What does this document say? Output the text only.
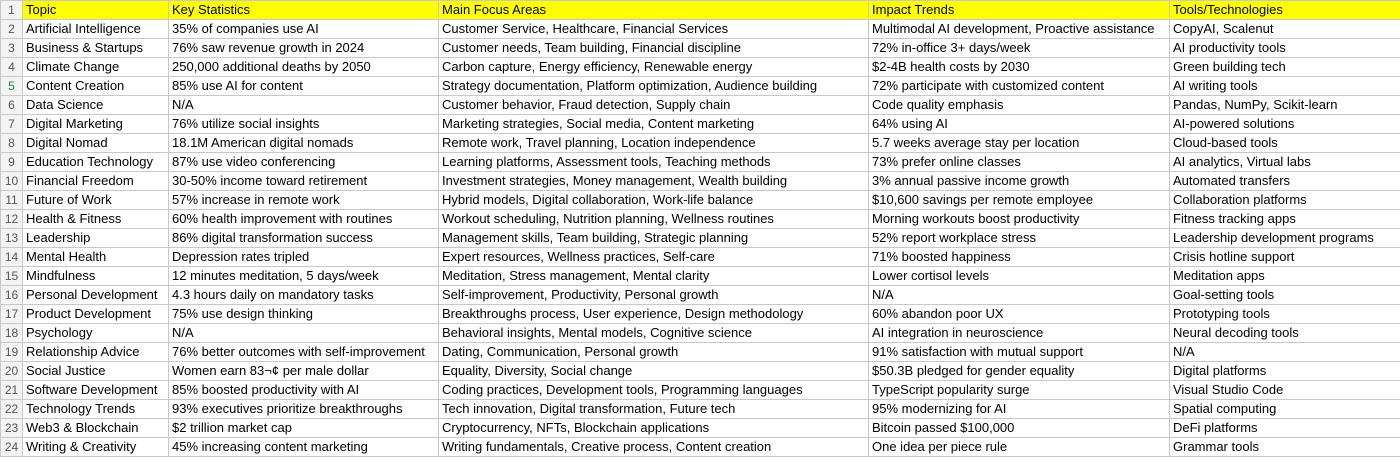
1	Topic	Key Statistics	Main Focus Areas	Impact Trends	Tools/Technologies
2	Artificial Intelligence	35% of companies use AI	Customer Service, Healthcare, Financial Services	Multimodal AI development, Proactive assistance	CopyAI, Scalenut
3	Business & Startups	76% saw revenue growth in 2024	Customer needs, Team building, Financial discipline	72% in-office 3+ days/week	AI productivity tools
4	Climate Change	250,000 additional deaths by 2050	Carbon capture, Energy efficiency, Renewable energy	$2-4B health costs by 2030	Green building tech
5	Content Creation	85% use AI for content	Strategy documentation, Platform optimization, Audience building	72% participate with customized content	AI writing tools
6	Data Science	N/A	Customer behavior, Fraud detection, Supply chain	Code quality emphasis	Pandas, NumPy, Scikit-learn
7	Digital Marketing	76% utilize social insights	Marketing strategies, Social media, Content marketing	64% using AI	AI-powered solutions
8	Digital Nomad	18.1M American digital nomads	Remote work, Travel planning, Location independence	5.7 weeks average stay per location	Cloud-based tools
9	Education Technology	87% use video conferencing	Learning platforms, Assessment tools, Teaching methods	73% prefer online classes	AI analytics, Virtual labs
10	Financial Freedom	30-50% income toward retirement	Investment strategies, Money management, Wealth building	3% annual passive income growth	Automated transfers
11	Future of Work	57% increase in remote work	Hybrid models, Digital collaboration, Work-life balance	$10,600 savings per remote employee	Collaboration platforms
12	Health & Fitness	60% health improvement with routines	Workout scheduling, Nutrition planning, Wellness routines	Morning workouts boost productivity	Fitness tracking apps
13	Leadership	86% digital transformation success	Management skills, Team building, Strategic planning	52% report workplace stress	Leadership development programs
14	Mental Health	Depression rates tripled	Expert resources, Wellness practices, Self-care	71% boosted happiness	Crisis hotline support
15	Mindfulness	12 minutes meditation, 5 days/week	Meditation, Stress management, Mental clarity	Lower cortisol levels	Meditation apps
16	Personal Development	4.3 hours daily on mandatory tasks	Self-improvement, Productivity, Personal growth	N/A	Goal-setting tools
17	Product Development	75% use design thinking	Breakthroughs process, User experience, Design methodology	60% abandon poor UX	Prototyping tools
18	Psychology	N/A	Behavioral insights, Mental models, Cognitive science	AI integration in neuroscience	Neural decoding tools
19	Relationship Advice	76% better outcomes with self-improvement	Dating, Communication, Personal growth	91% satisfaction with mutual support	N/A
20	Social Justice	Women earn 83¬¢ per male dollar	Equality, Diversity, Social change	$50.3B pledged for gender equality	Digital platforms
21	Software Development	85% boosted productivity with AI	Coding practices, Development tools, Programming languages	TypeScript popularity surge	Visual Studio Code
22	Technology Trends	93% executives prioritize breakthroughs	Tech innovation, Digital transformation, Future tech	95% modernizing for AI	Spatial computing
23	Web3 & Blockchain	$2 trillion market cap	Cryptocurrency, NFTs, Blockchain applications	Bitcoin passed $100,000	DeFi platforms
24	Writing & Creativity	45% increasing content marketing	Writing fundamentals, Creative process, Content creation	One idea per piece rule	Grammar tools
